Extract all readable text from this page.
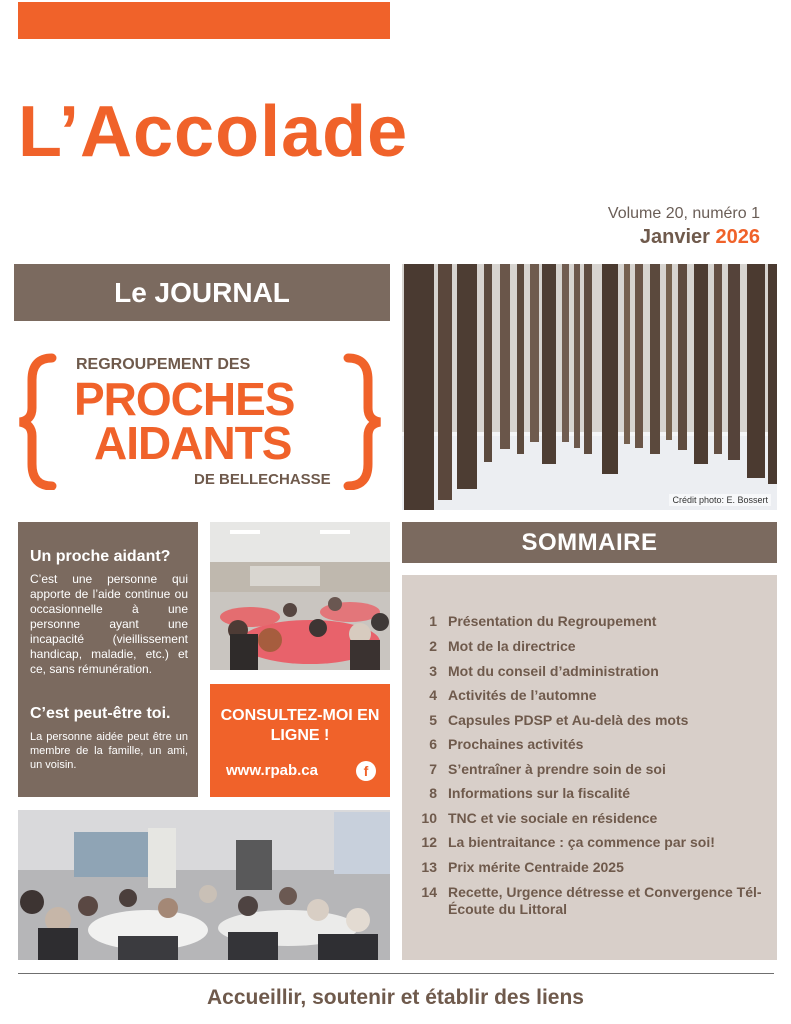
L’Accolade
Volume 20, numéro 1
Janvier 2026
Le JOURNAL
REGROUPEMENT DES
PROCHES
AIDANTS
DE BELLECHASSE
Crédit photo: E. Bossert
Un proche aidant?
C’est une personne qui apporte de l’aide continue ou occasionnelle à une personne ayant une incapacité (vieillissement handicap, maladie, etc.) et ce, sans rémunération.
C’est peut-être toi.
La personne aidée peut être un membre de la famille, un ami, un voisin.
CONSULTEZ-MOI EN LIGNE !
www.rpab.ca	f
SOMMAIRE
1 Présentation du Regroupement
2 Mot de la directrice
3 Mot du conseil d’administration
4 Activités de l’automne
5 Capsules PDSP et Au-delà des mots
6 Prochaines activités
7 S’entraîner à prendre soin de soi
8 Informations sur la fiscalité
10 TNC et vie sociale en résidence
12 La bientraitance : ça commence par soi!
13 Prix mérite Centraide 2025
14 Recette, Urgence détresse et Convergence Tél-Écoute du Littoral
Accueillir, soutenir et établir des liens
